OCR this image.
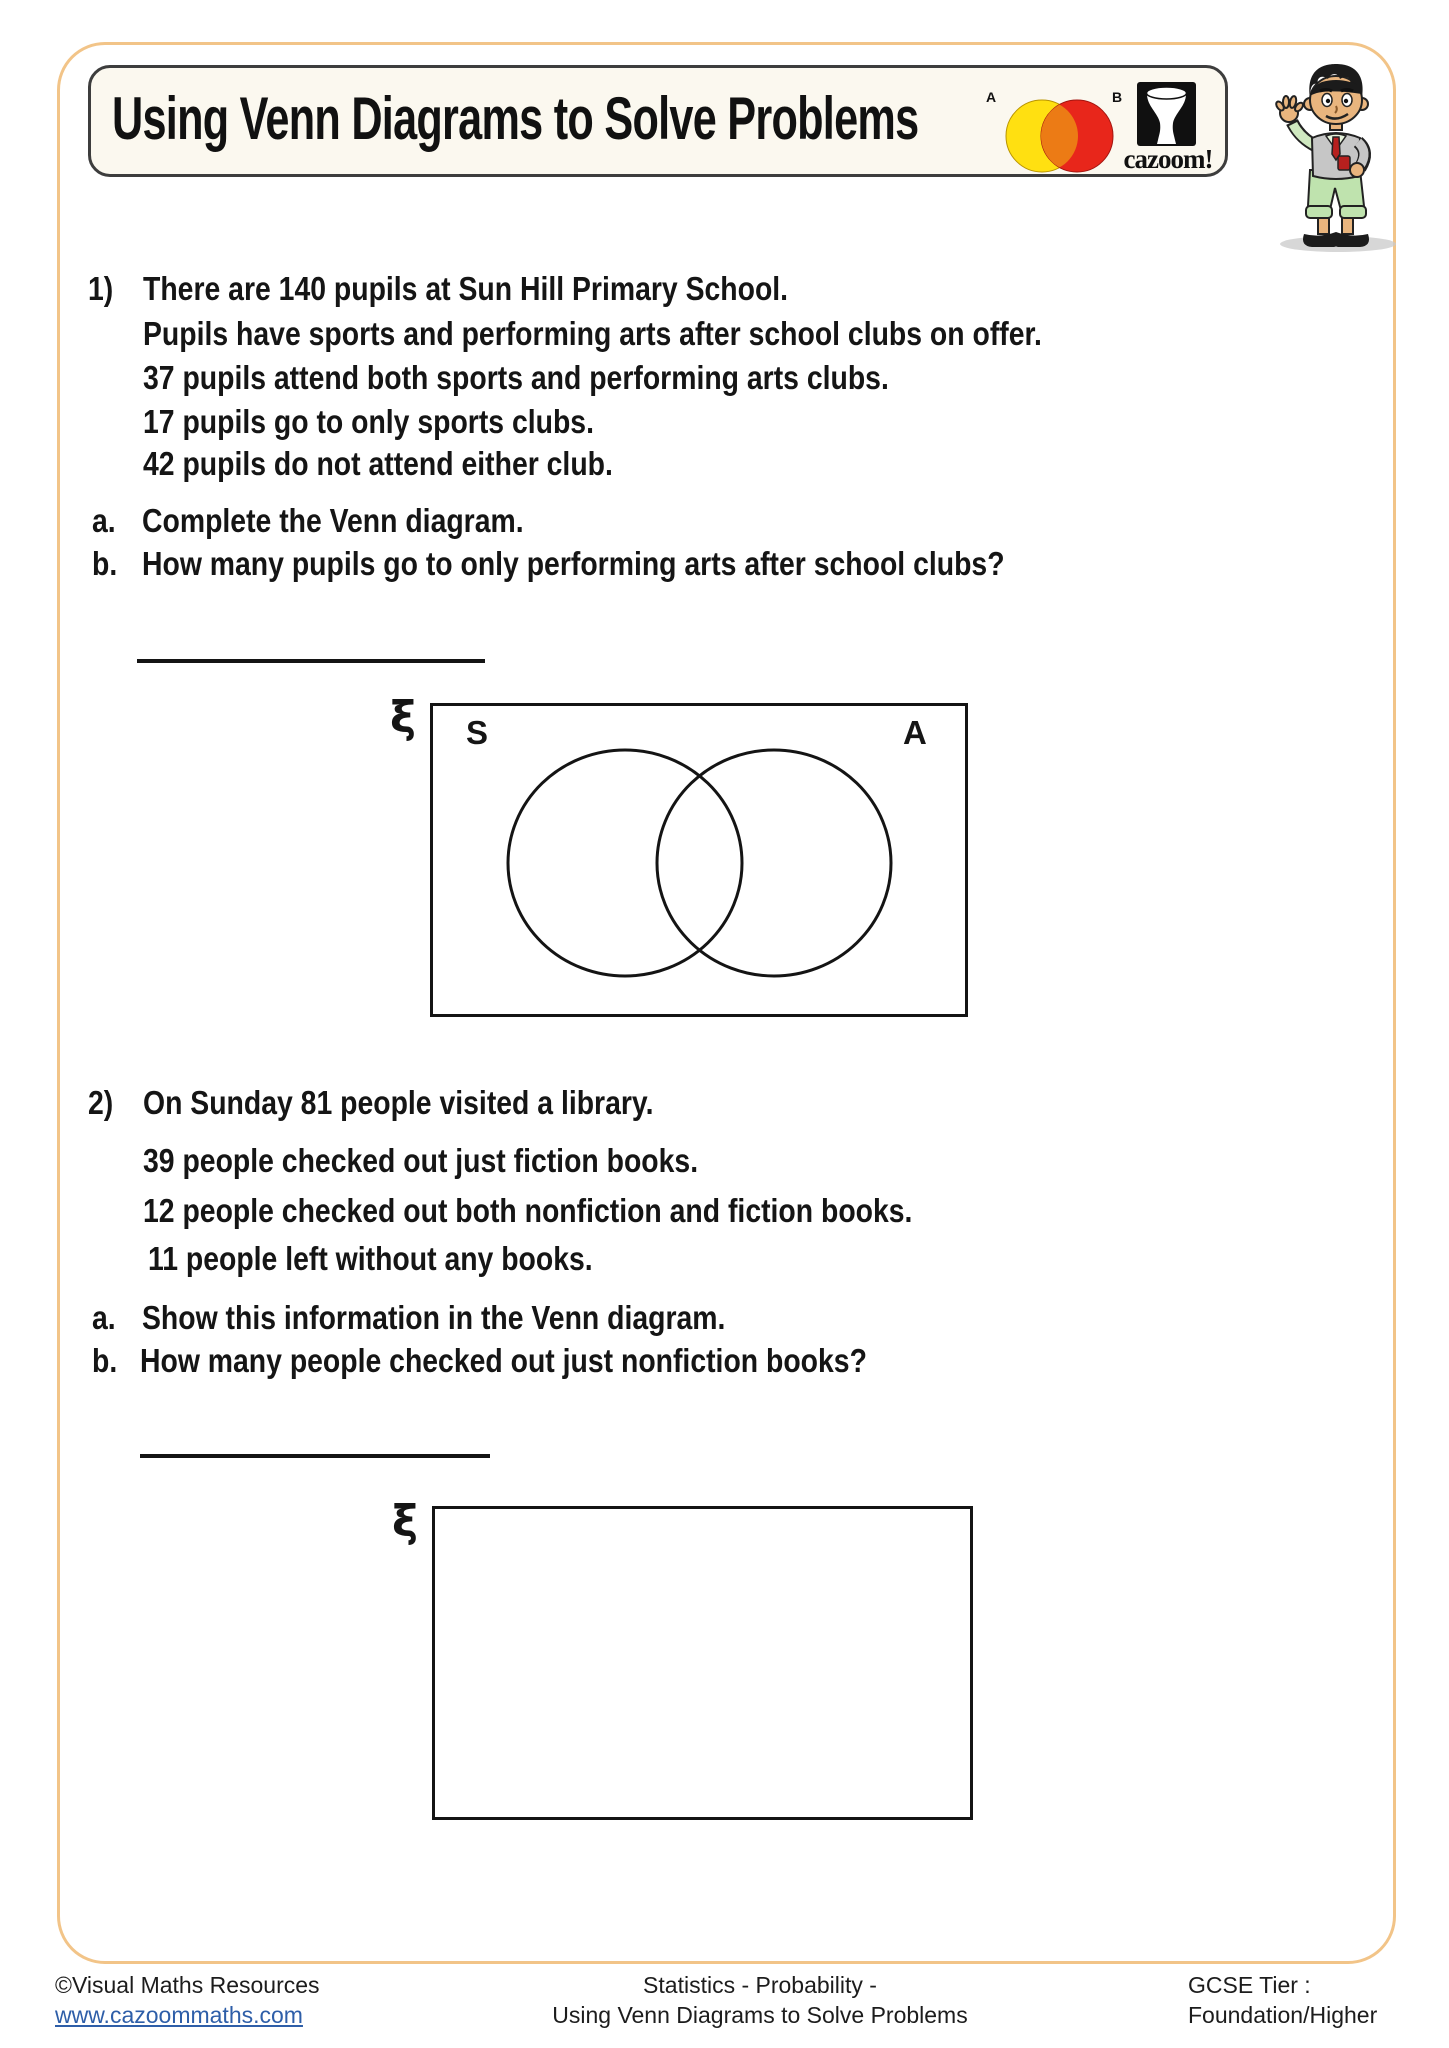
Using Venn Diagrams to Solve Problems	A	B
cazoom!
1) There are 140 pupils at Sun Hill Primary School.
Pupils have sports and performing arts after school clubs on offer.
37 pupils attend both sports and performing arts clubs.
17 pupils go to only sports clubs.
42 pupils do not attend either club.
a. Complete the Venn diagram.
b. How many pupils go to only performing arts after school clubs?
ξ S	A
2) On Sunday 81 people visited a library.
39 people checked out just fiction books.
12 people checked out both nonfiction and fiction books.
11 people left without any books.
a. Show this information in the Venn diagram.
b. How many people checked out just nonfiction books?
ξ
©Visual Maths Resources
www.cazoommaths.com
Statistics - Probability -
Using Venn Diagrams to Solve Problems
GCSE Tier :
Foundation/Higher
